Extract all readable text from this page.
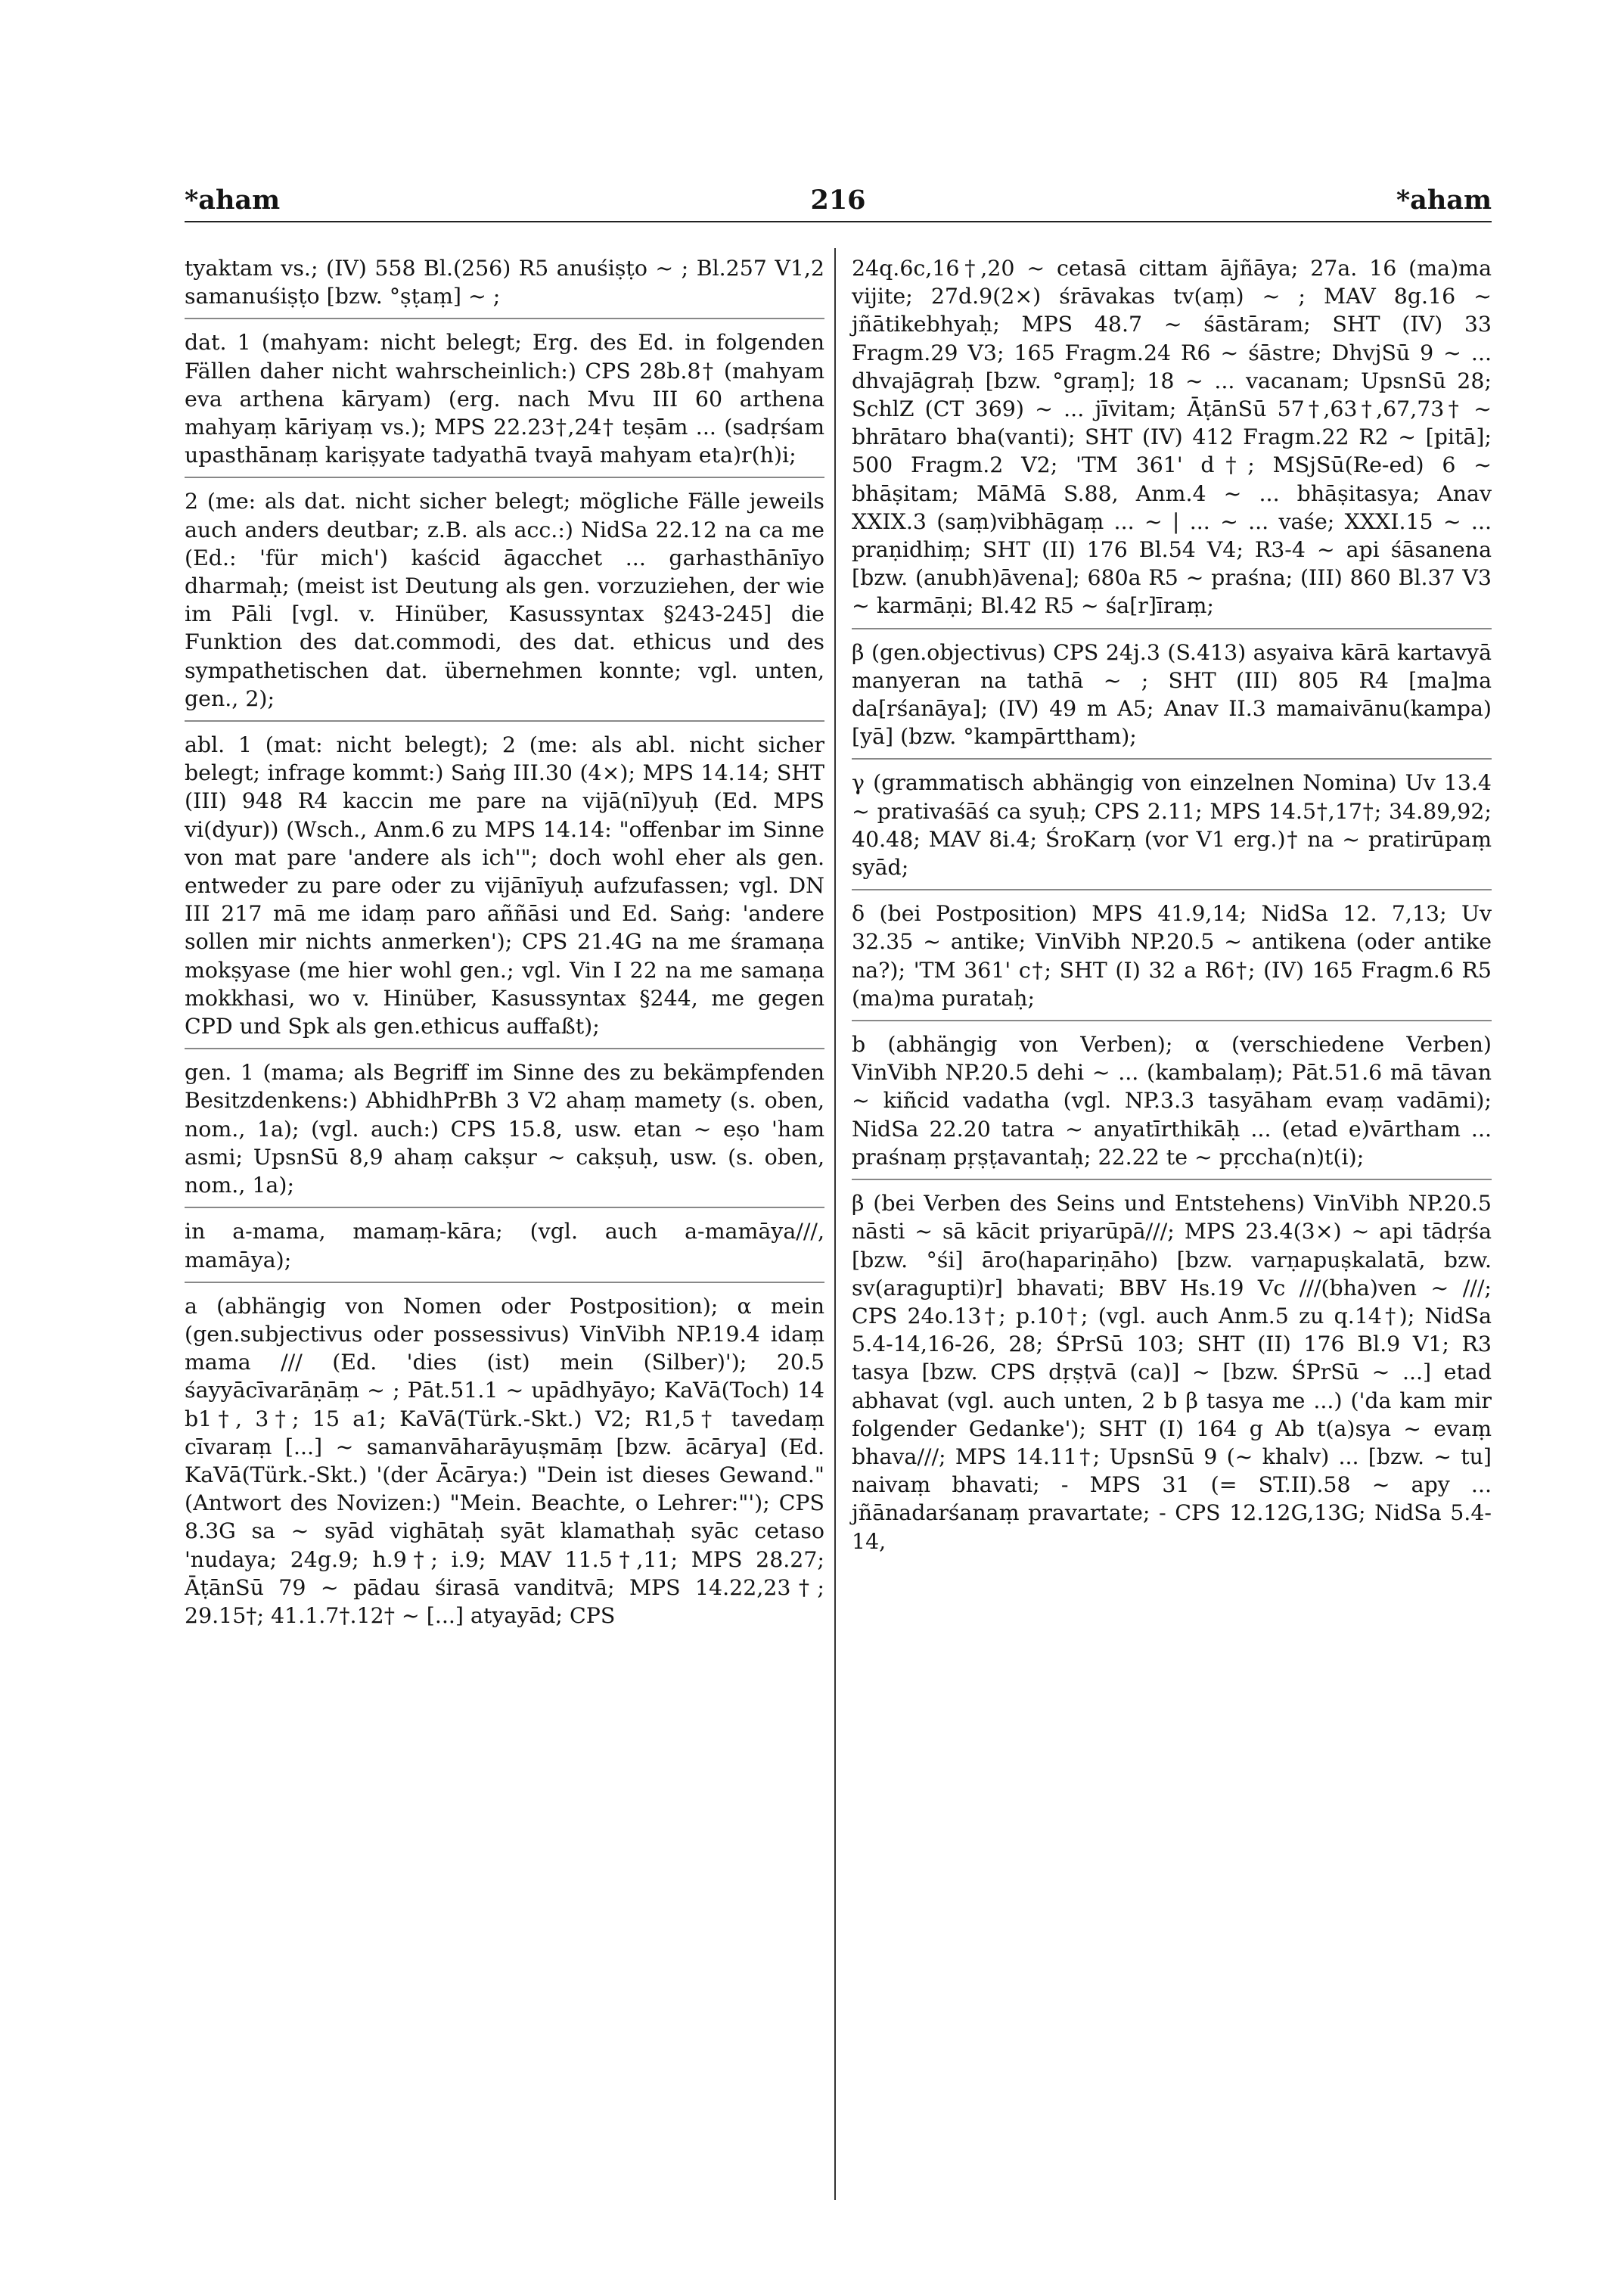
*aham	216	*aham

tyaktam vs.; (IV) 558 Bl.(256) R5 anuśiṣṭo ~ ; Bl.257 V1,2 samanuśiṣṭo [bzw. °ṣṭaṃ] ~ ;

dat. 1 (mahyam: nicht belegt; Erg. des Ed. in folgenden Fällen daher nicht wahrscheinlich:) CPS 28b.8† (mahyam eva arthena kāryam) (erg. nach Mvu III 60 arthena mahyaṃ kāriyaṃ vs.); MPS 22.23†,24† teṣām ... (sadṛśam upasthānaṃ kariṣyate tadyathā tvayā mahyam eta)r(h)i;

2 (me: als dat. nicht sicher belegt; mögliche Fälle jeweils auch anders deutbar; z.B. als acc.:) NidSa 22.12 na ca me (Ed.: 'für mich') kaścid āgacchet ... garhasthānīyo dharmaḥ; (meist ist Deutung als gen. vorzuziehen, der wie im Pāli [vgl. v. Hinüber, Kasussyntax §243-245] die Funktion des dat.commodi, des dat. ethicus und des sympathetischen dat. übernehmen konnte; vgl. unten, gen., 2);

abl. 1 (mat: nicht belegt); 2 (me: als abl. nicht sicher belegt; infrage kommt:) Saṅg III.30 (4×); MPS 14.14; SHT (III) 948 R4 kaccin me pare na vijā(nī)yuḥ (Ed. MPS vi(dyur)) (Wsch., Anm.6 zu MPS 14.14: "offenbar im Sinne von mat pare 'andere als ich'"; doch wohl eher als gen. entweder zu pare oder zu vijānīyuḥ aufzufassen; vgl. DN III 217 mā me idaṃ paro aññāsi und Ed. Saṅg: 'andere sollen mir nichts anmerken'); CPS 21.4G na me śramaṇa mokṣyase (me hier wohl gen.; vgl. Vin I 22 na me samaṇa mokkhasi, wo v. Hinüber, Kasussyntax §244, me gegen CPD und Spk als gen.ethicus auffaßt);

gen. 1 (mama; als Begriff im Sinne des zu bekämpfenden Besitzdenkens:) AbhidhPrBh 3 V2 ahaṃ mamety (s. oben, nom., 1a); (vgl. auch:) CPS 15.8, usw. etan ~ eṣo 'ham asmi; UpsnSū 8,9 ahaṃ cakṣur ~ cakṣuḥ, usw. (s. oben, nom., 1a);

in a-mama, mamaṃ-kāra; (vgl. auch a-mamāya///, mamāya);

a (abhängig von Nomen oder Postposition); α mein (gen.subjectivus oder possessivus) VinVibh NP.19.4 idaṃ mama /// (Ed. 'dies (ist) mein (Silber)'); 20.5 śayyācīvarāṇāṃ ~ ; Pāt.51.1 ~ upādhyāyo; KaVā(Toch) 14 b1†, 3†; 15 a1; KaVā(Türk.-Skt.) V2; R1,5† tavedaṃ cīvaraṃ [...] ~ samanvāharāyuṣmāṃ [bzw. ācārya] (Ed. KaVā(Türk.-Skt.) '(der Ācārya:) "Dein ist dieses Gewand." (Antwort des Novizen:) "Mein. Beachte, o Lehrer:"'); CPS 8.3G sa ~ syād vighātaḥ syāt klamathaḥ syāc cetaso 'nudaya; 24g.9; h.9†; i.9; MAV 11.5†,11; MPS 28.27; ĀṭānSū 79 ~ pādau śirasā vanditvā; MPS 14.22,23†; 29.15†; 41.1.7†.12† ~ [...] atyayād; CPS

24q.6c,16†,20 ~ cetasā cittam ājñāya; 27a. 16 (ma)ma vijite; 27d.9(2×) śrāvakas tv(aṃ) ~ ; MAV 8g.16 ~ jñātikebhyaḥ; MPS 48.7 ~ śāstāram; SHT (IV) 33 Fragm.29 V3; 165 Fragm.24 R6 ~ śāstre; DhvjSū 9 ~ ... dhvajāgraḥ [bzw. °graṃ]; 18 ~ ... vacanam; UpsnSū 28; SchlZ (CT 369) ~ ... jīvitam; ĀṭānSū 57†,63†,67,73† ~ bhrātaro bha(vanti); SHT (IV) 412 Fragm.22 R2 ~ [pitā]; 500 Fragm.2 V2; 'TM 361' d†; MSjSū(Re-ed) 6 ~ bhāṣitam; MāMā S.88, Anm.4 ~ ... bhāṣitasya; Anav XXIX.3 (saṃ)vibhāgaṃ ... ~ | ... ~ ... vaśe; XXXI.15 ~ ... praṇidhiṃ; SHT (II) 176 Bl.54 V4; R3-4 ~ api śāsanena [bzw. (anubh)āvena]; 680a R5 ~ praśna; (III) 860 Bl.37 V3 ~ karmāṇi; Bl.42 R5 ~ śa[r]īraṃ;

β (gen.objectivus) CPS 24j.3 (S.413) asyaiva kārā kartavyā manyeran na tathā ~ ; SHT (III) 805 R4 [ma]ma da[rśanāya]; (IV) 49 m A5; Anav II.3 mamaivānu(kampa)[yā] (bzw. °kampārttham);

γ (grammatisch abhängig von einzelnen Nomina) Uv 13.4 ~ prativaśāś ca syuḥ; CPS 2.11; MPS 14.5†,17†; 34.89,92; 40.48; MAV 8i.4; ŚroKarṇ (vor V1 erg.)† na ~ pratirūpaṃ syād;

δ (bei Postposition) MPS 41.9,14; NidSa 12. 7,13; Uv 32.35 ~ antike; VinVibh NP.20.5 ~ antikena (oder antike na?); 'TM 361' c†; SHT (I) 32 a R6†; (IV) 165 Fragm.6 R5 (ma)ma purataḥ;

b (abhängig von Verben); α (verschiedene Verben) VinVibh NP.20.5 dehi ~ ... (kambalaṃ); Pāt.51.6 mā tāvan ~ kiñcid vadatha (vgl. NP.3.3 tasyāham evaṃ vadāmi); NidSa 22.20 tatra ~ anyatīrthikāḥ ... (etad e)vārtham ... praśnaṃ pṛṣṭavantaḥ; 22.22 te ~ pṛccha(n)t(i);

β (bei Verben des Seins und Entstehens) VinVibh NP.20.5 nāsti ~ sā kācit priyarūpā///; MPS 23.4(3×) ~ api tādṛśa [bzw. °śi] āro(hapariṇāho) [bzw. varṇapuṣkalatā, bzw. sv(aragupti)r] bhavati; BBV Hs.19 Vc ///(bha)ven ~ ///; CPS 24o.13†; p.10†; (vgl. auch Anm.5 zu q.14†); NidSa 5.4-14,16-26, 28; ŚPrSū 103; SHT (II) 176 Bl.9 V1; R3 tasya [bzw. CPS dṛṣṭvā (ca)] ~ [bzw. ŚPrSū ~ ...] etad abhavat (vgl. auch unten, 2 b β tasya me ...) ('da kam mir folgender Gedanke'); SHT (I) 164 g Ab t(a)sya ~ evaṃ bhava///; MPS 14.11†; UpsnSū 9 (~ khalv) ... [bzw. ~ tu] naivaṃ bhavati; - MPS 31 (= ST.II).58 ~ apy ... jñānadarśanaṃ pravartate; - CPS 12.12G,13G; NidSa 5.4-14,
